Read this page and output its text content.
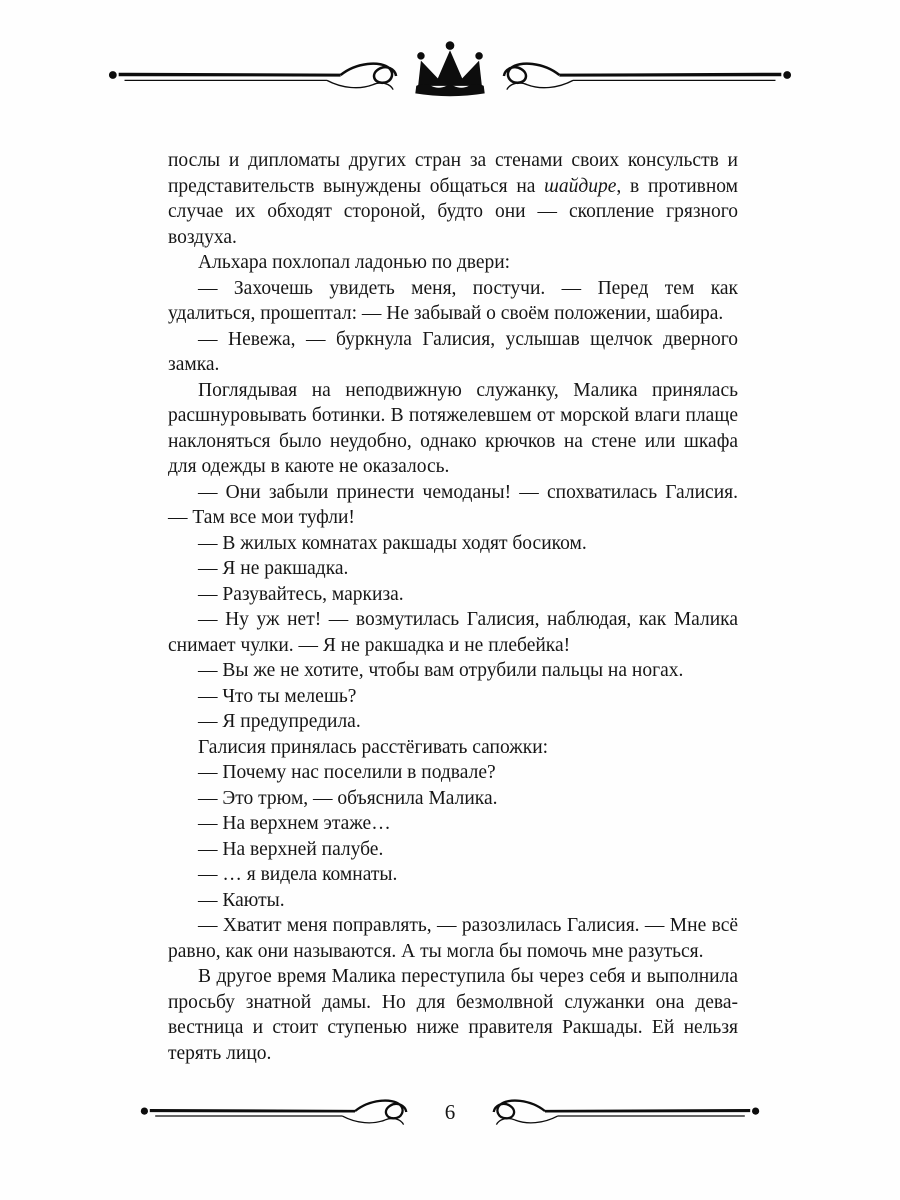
послы и дипломаты других стран за стенами своих консульств и представительств вынуждены общаться на шайдире, в противном случае их обходят стороной, будто они — скопление грязного воздуха.

Альхара похлопал ладонью по двери:

— Захочешь увидеть меня, постучи. — Перед тем как удалиться, прошептал: — Не забывай о своём положении, шабира.

— Невежа, — буркнула Галисия, услышав щелчок дверного замка.

Поглядывая на неподвижную служанку, Малика принялась расшнуровывать ботинки. В потяжелевшем от морской влаги плаще наклоняться было неудобно, однако крючков на стене или шкафа для одежды в каюте не оказалось.

— Они забыли принести чемоданы! — спохватилась Галисия. — Там все мои туфли!

— В жилых комнатах ракшады ходят босиком.

— Я не ракшадка.

— Разувайтесь, маркиза.

— Ну уж нет! — возмутилась Галисия, наблюдая, как Малика снимает чулки. — Я не ракшадка и не плебейка!

— Вы же не хотите, чтобы вам отрубили пальцы на ногах.

— Что ты мелешь?

— Я предупредила.

Галисия принялась расстёгивать сапожки:

— Почему нас поселили в подвале?

— Это трюм, — объяснила Малика.

— На верхнем этаже…

— На верхней палубе.

— … я видела комнаты.

— Каюты.

— Хватит меня поправлять, — разозлилась Галисия. — Мне всё равно, как они называются. А ты могла бы помочь мне разуться.

В другое время Малика переступила бы через себя и выполнила просьбу знатной дамы. Но для безмолвной служанки она дева-вестница и стоит ступенью ниже правителя Ракшады. Ей нельзя терять лицо.

6
